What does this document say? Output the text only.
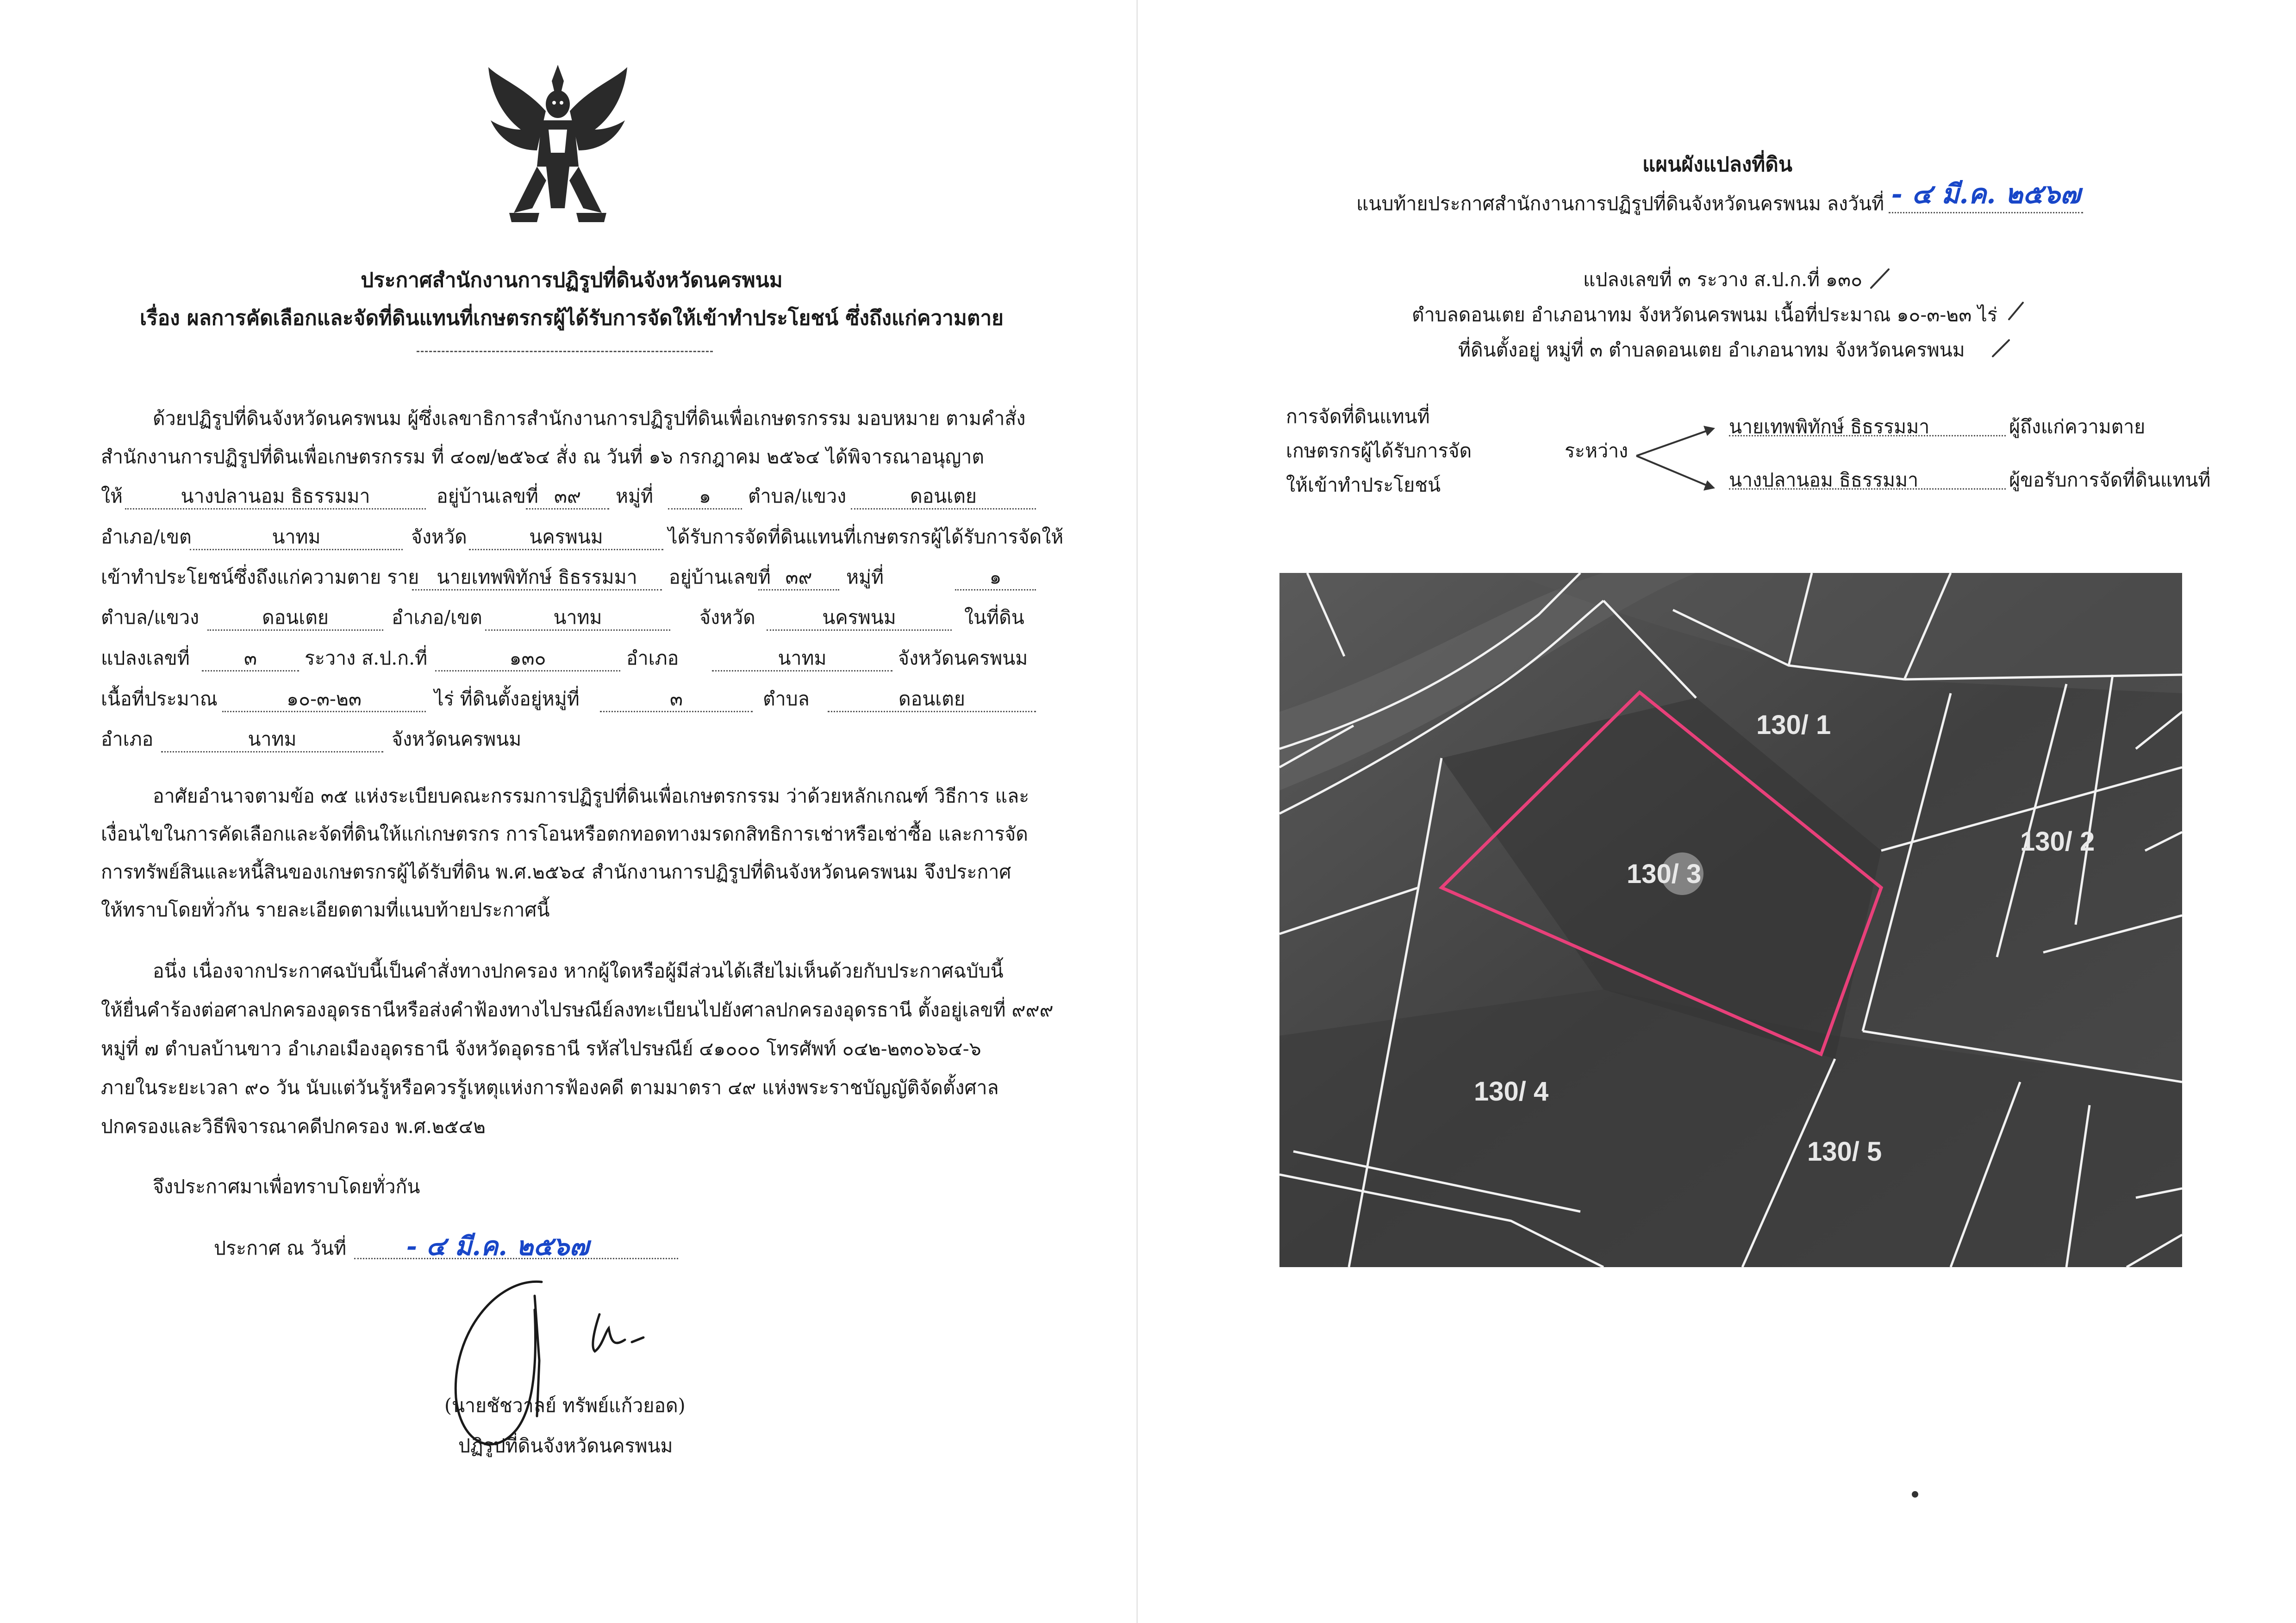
ประกาศสำนักงานการปฏิรูปที่ดินจังหวัดนครพนม
เรื่อง ผลการคัดเลือกและจัดที่ดินแทนที่เกษตรกรผู้ได้รับการจัดให้เข้าทำประโยชน์ ซึ่งถึงแก่ความตาย
ด้วยปฏิรูปที่ดินจังหวัดนครพนม ผู้ซึ่งเลขาธิการสำนักงานการปฏิรูปที่ดินเพื่อเกษตรกรรม มอบหมาย ตามคำสั่ง
สำนักงานการปฏิรูปที่ดินเพื่อเกษตรกรรม ที่ ๔๐๗/๒๕๖๔ สั่ง ณ วันที่ ๑๖ กรกฎาคม ๒๕๖๔ ได้พิจารณาอนุญาต
ให้	นางปลานอม ธิธรรมมา	อยู่บ้านเลขที่ ๓๙	หมู่ที่	๑	ตำบล/แขวง	ดอนเตย
อำเภอ/เขต	นาทม	จังหวัด	นครพนม	ได้รับการจัดที่ดินแทนที่เกษตรกรผู้ได้รับการจัดให้
เข้าทำประโยชน์ซึ่งถึงแก่ความตาย ราย นายเทพพิทักษ์ ธิธรรมมา	อยู่บ้านเลขที่ ๓๙	หมู่ที่	๑
ตำบล/แขวง	ดอนเตย	อำเภอ/เขต	นาทม	จังหวัด	นครพนม	ในที่ดิน
แปลงเลขที่	๓	ระวาง ส.ป.ก.ที่	๑๓๐	อำเภอ	นาทม	จังหวัดนครพนม
เนื้อที่ประมาณ	๑๐-๓-๒๓	ไร่ ที่ดินตั้งอยู่หมู่ที่	๓	ตำบล	ดอนเตย
อำเภอ	นาทม	จังหวัดนครพนม
อาศัยอำนาจตามข้อ ๓๕ แห่งระเบียบคณะกรรมการปฏิรูปที่ดินเพื่อเกษตรกรรม ว่าด้วยหลักเกณฑ์ วิธีการ และ
เงื่อนไขในการคัดเลือกและจัดที่ดินให้แก่เกษตรกร การโอนหรือตกทอดทางมรดกสิทธิการเช่าหรือเช่าซื้อ และการจัด
การทรัพย์สินและหนี้สินของเกษตรกรผู้ได้รับที่ดิน พ.ศ.๒๕๖๔ สำนักงานการปฏิรูปที่ดินจังหวัดนครพนม จึงประกาศ
ให้ทราบโดยทั่วกัน รายละเอียดตามที่แนบท้ายประกาศนี้
อนึ่ง เนื่องจากประกาศฉบับนี้เป็นคำสั่งทางปกครอง หากผู้ใดหรือผู้มีส่วนได้เสียไม่เห็นด้วยกับประกาศฉบับนี้
ให้ยื่นคำร้องต่อศาลปกครองอุดรธานีหรือส่งคำฟ้องทางไปรษณีย์ลงทะเบียนไปยังศาลปกครองอุดรธานี ตั้งอยู่เลขที่ ๙๙๙
หมู่ที่ ๗ ตำบลบ้านขาว อำเภอเมืองอุดรธานี จังหวัดอุดรธานี รหัสไปรษณีย์ ๔๑๐๐๐ โทรศัพท์ ๐๔๒-๒๓๐๖๖๔-๖
ภายในระยะเวลา ๙๐ วัน นับแต่วันรู้หรือควรรู้เหตุแห่งการฟ้องคดี ตามมาตรา ๔๙ แห่งพระราชบัญญัติจัดตั้งศาล
ปกครองและวิธีพิจารณาคดีปกครอง พ.ศ.๒๕๔๒
จึงประกาศมาเพื่อทราบโดยทั่วกัน
ประกาศ ณ วันที่	- ๔ มี.ค. ๒๕๖๗
(นายชัชวาลย์ ทรัพย์แก้วยอด)
ปฏิรูปที่ดินจังหวัดนครพนม
แผนผังแปลงที่ดิน
แนบท้ายประกาศสำนักงานการปฏิรูปที่ดินจังหวัดนครพนม ลงวันที่ - ๔ มี.ค. ๒๕๖๗
แปลงเลขที่ ๓ ระวาง ส.ป.ก.ที่ ๑๓๐
ตำบลดอนเตย อำเภอนาทม จังหวัดนครพนม เนื้อที่ประมาณ ๑๐-๓-๒๓ ไร่
ที่ดินตั้งอยู่ หมู่ที่ ๓ ตำบลดอนเตย อำเภอนาทม จังหวัดนครพนม
การจัดที่ดินแทนที่
เกษตรกรผู้ได้รับการจัด
ให้เข้าทำประโยชน์
ระหว่าง
นายเทพพิทักษ์ ธิธรรมมา	ผู้ถึงแก่ความตาย
นางปลานอม ธิธรรมมา	ผู้ขอรับการจัดที่ดินแทนที่
130/ 1
130/ 2
130/ 3
130/ 4
130/ 5
